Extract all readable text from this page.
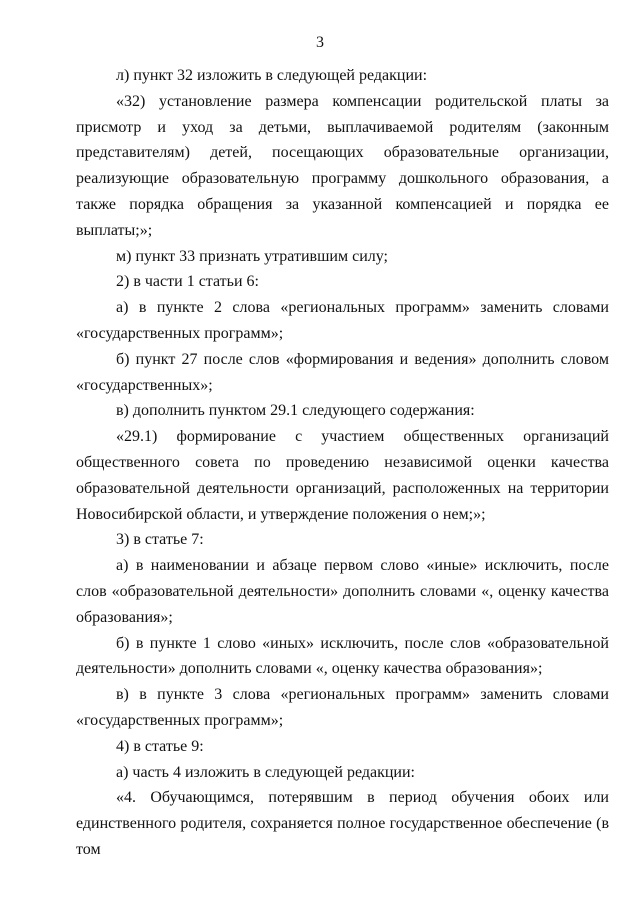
3

л) пункт 32 изложить в следующей редакции:

«32) установление размера компенсации родительской платы за присмотр и уход за детьми, выплачиваемой родителям (законным представителям) детей, посещающих образовательные организации, реализующие образовательную программу дошкольного образования, а также порядка обращения за указанной компенсацией и порядка ее выплаты;»;

м) пункт 33 признать утратившим силу;

2) в части 1 статьи 6:

а) в пункте 2 слова «региональных программ» заменить словами «государственных программ»;

б) пункт 27 после слов «формирования и ведения» дополнить словом «государственных»;

в) дополнить пунктом 29.1 следующего содержания:

«29.1) формирование с участием общественных организаций общественного совета по проведению независимой оценки качества образовательной деятельности организаций, расположенных на территории Новосибирской области, и утверждение положения о нем;»;

3) в статье 7:

а) в наименовании и абзаце первом слово «иные» исключить, после слов «образовательной деятельности» дополнить словами «, оценку качества образования»;

б) в пункте 1 слово «иных» исключить, после слов «образовательной деятельности» дополнить словами «, оценку качества образования»;

в) в пункте 3 слова «региональных программ» заменить словами «государственных программ»;

4) в статье 9:

а) часть 4 изложить в следующей редакции:

«4. Обучающимся, потерявшим в период обучения обоих или единственного родителя, сохраняется полное государственное обеспечение (в том
